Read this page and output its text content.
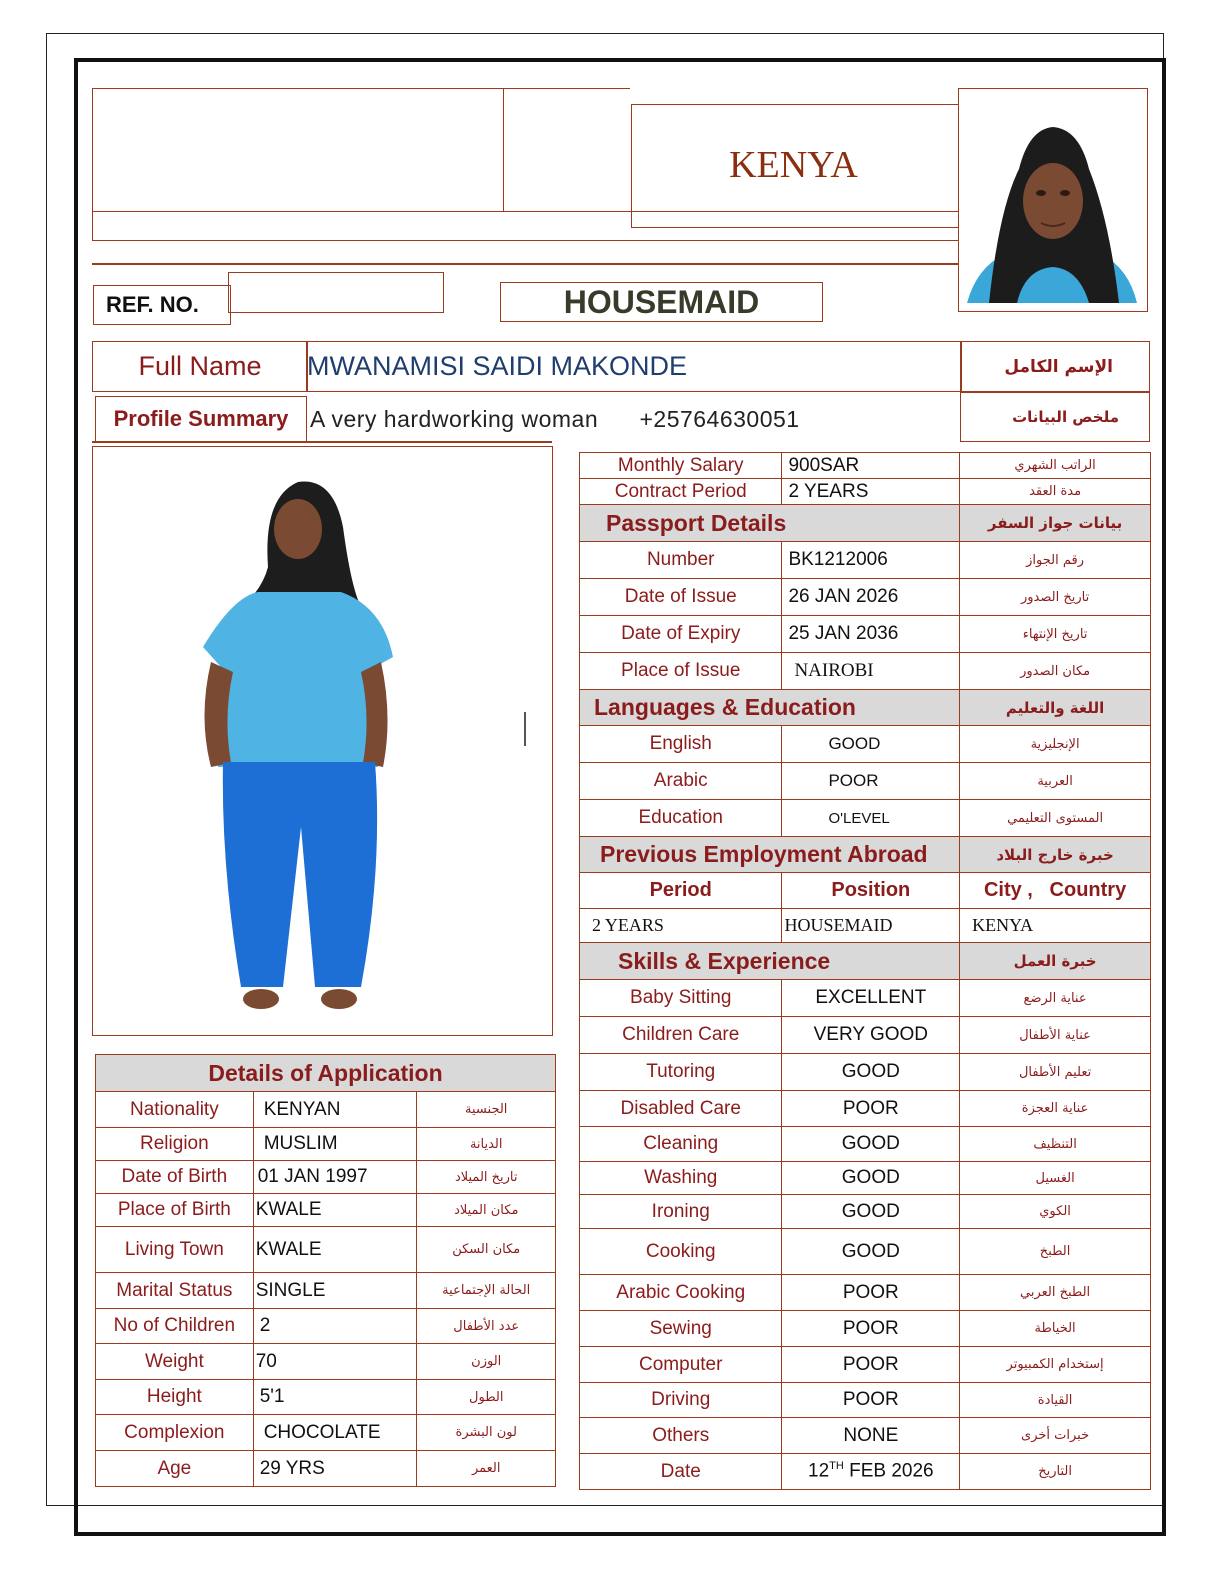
KENYA
REF. NO.	HOUSEMAID
Full Name	MWANAMISI SAIDI MAKONDE	الإسم الكامل
Profile Summary A very hardworking woman      +25764630051	ملخص البيانات
Monthly Salary	900SAR	الراتب الشهري
Contract Period	2 YEARS	مدة العقد
Passport Details		بيانات جواز السفر
Number	BK1212006	رقم الجواز
Date of Issue	26 JAN 2026	تاريخ الصدور
Date of Expiry	25 JAN 2036	تاريخ الإنتهاء
Place of Issue	NAIROBI	مكان الصدور
Languages & Education		اللغة والتعليم
English	GOOD	الإنجليزية
Arabic	POOR	العربية
Education	O'LEVEL	المستوى التعليمي
Previous Employment Abroad		خبرة خارج البلاد
Period	Position	City ,   Country
2 YEARS	HOUSEMAID	KENYA
Skills & Experience		خبرة العمل
Baby Sitting	EXCELLENT	عناية الرضع
Children Care	VERY GOOD	عناية الأطفال
Tutoring	GOOD	تعليم الأطفال
Disabled Care	POOR	عناية العجزة
Cleaning	GOOD	التنظيف
Washing	GOOD	الغسيل
Ironing	GOOD	الكوي
Cooking	GOOD	الطبخ
Arabic Cooking	POOR	الطبخ العربي
Sewing	POOR	الخياطة
Computer	POOR	إستخدام الكمبيوتر
Driving	POOR	القيادة
Others	NONE	خبرات أخرى
Date	12TH FEB 2026	التاريخ
Details of Application		
Nationality	KENYAN	الجنسية
Religion	MUSLIM	الديانة
Date of Birth	01 JAN 1997	تاريخ الميلاد
Place of Birth	KWALE	مكان الميلاد
Living Town	KWALE	مكان السكن
Marital Status	SINGLE	الحالة الإجتماعية
No of Children	2	عدد الأطفال
Weight	70	الوزن
Height	5'1	الطول
Complexion	CHOCOLATE	لون البشرة
Age	29 YRS	العمر
